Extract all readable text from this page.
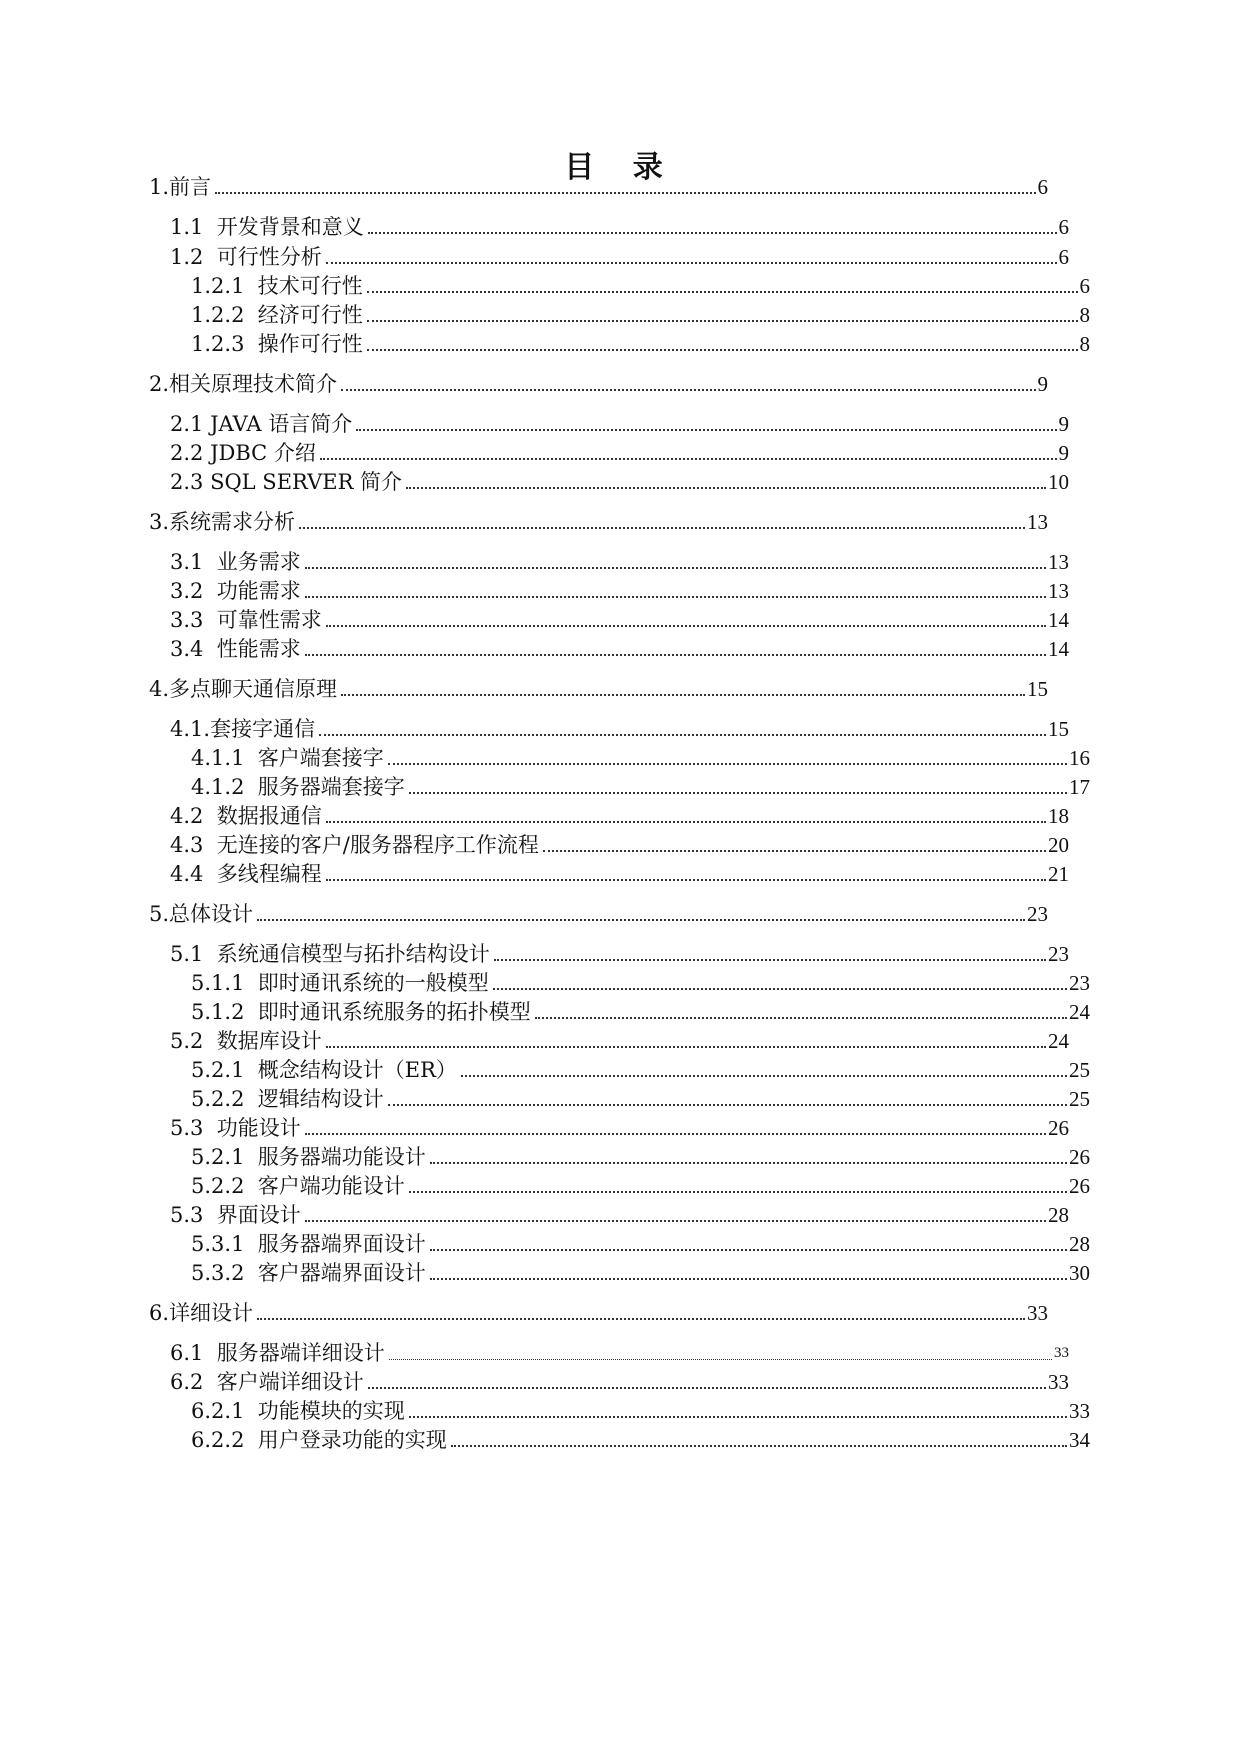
目 录
1. 前言	6
1.1 开发背景和意义	6
1.2 可行性分析	6
1.2.1 技术可行性	6
1.2.2 经济可行性	8
1.2.3 操作可行性	8
2. 相关原理技术简介	9
2.1 JAVA 语言简介	9
2.2 JDBC 介绍	9
2.3 SQL SERVER 简介	10
3. 系统需求分析	13
3.1 业务需求	13
3.2 功能需求	13
3.3 可靠性需求	14
3.4 性能需求	14
4. 多点聊天通信原理	15
4.1. 套接字通信	15
4.1.1 客户端套接字	16
4.1.2 服务器端套接字	17
4.2 数据报通信	18
4.3 无连接的客户/服务器程序工作流程	20
4.4 多线程编程	21
5. 总体设计	23
5.1 系统通信模型与拓扑结构设计	23
5.1.1 即时通讯系统的一般模型	23
5.1.2 即时通讯系统服务的拓扑模型	24
5.2 数据库设计	24
5.2.1 概念结构设计（ER）	25
5.2.2 逻辑结构设计	25
5.3 功能设计	26
5.2.1 服务器端功能设计	26
5.2.2 客户端功能设计	26
5.3 界面设计	28
5.3.1 服务器端界面设计	28
5.3.2 客户器端界面设计	30
6. 详细设计	33
6.1 服务器端详细设计	33
6.2 客户端详细设计	33
6.2.1 功能模块的实现	33
6.2.2 用户登录功能的实现	34
